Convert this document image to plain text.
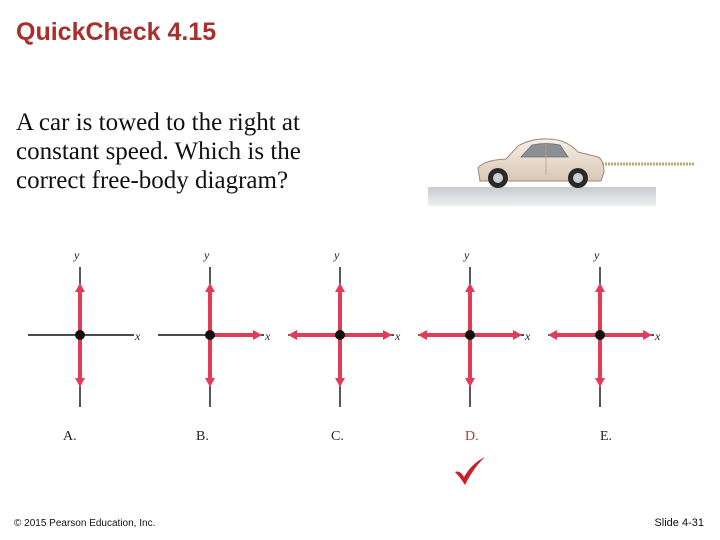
QuickCheck 4.15

A car is towed to the right at
constant speed. Which is the
correct free-body diagram?

y
x
A.
y
x
B.
y
x
C.
y
x
D.
y
x
E.
© 2015 Pearson Education, Inc.	Slide 4-31
